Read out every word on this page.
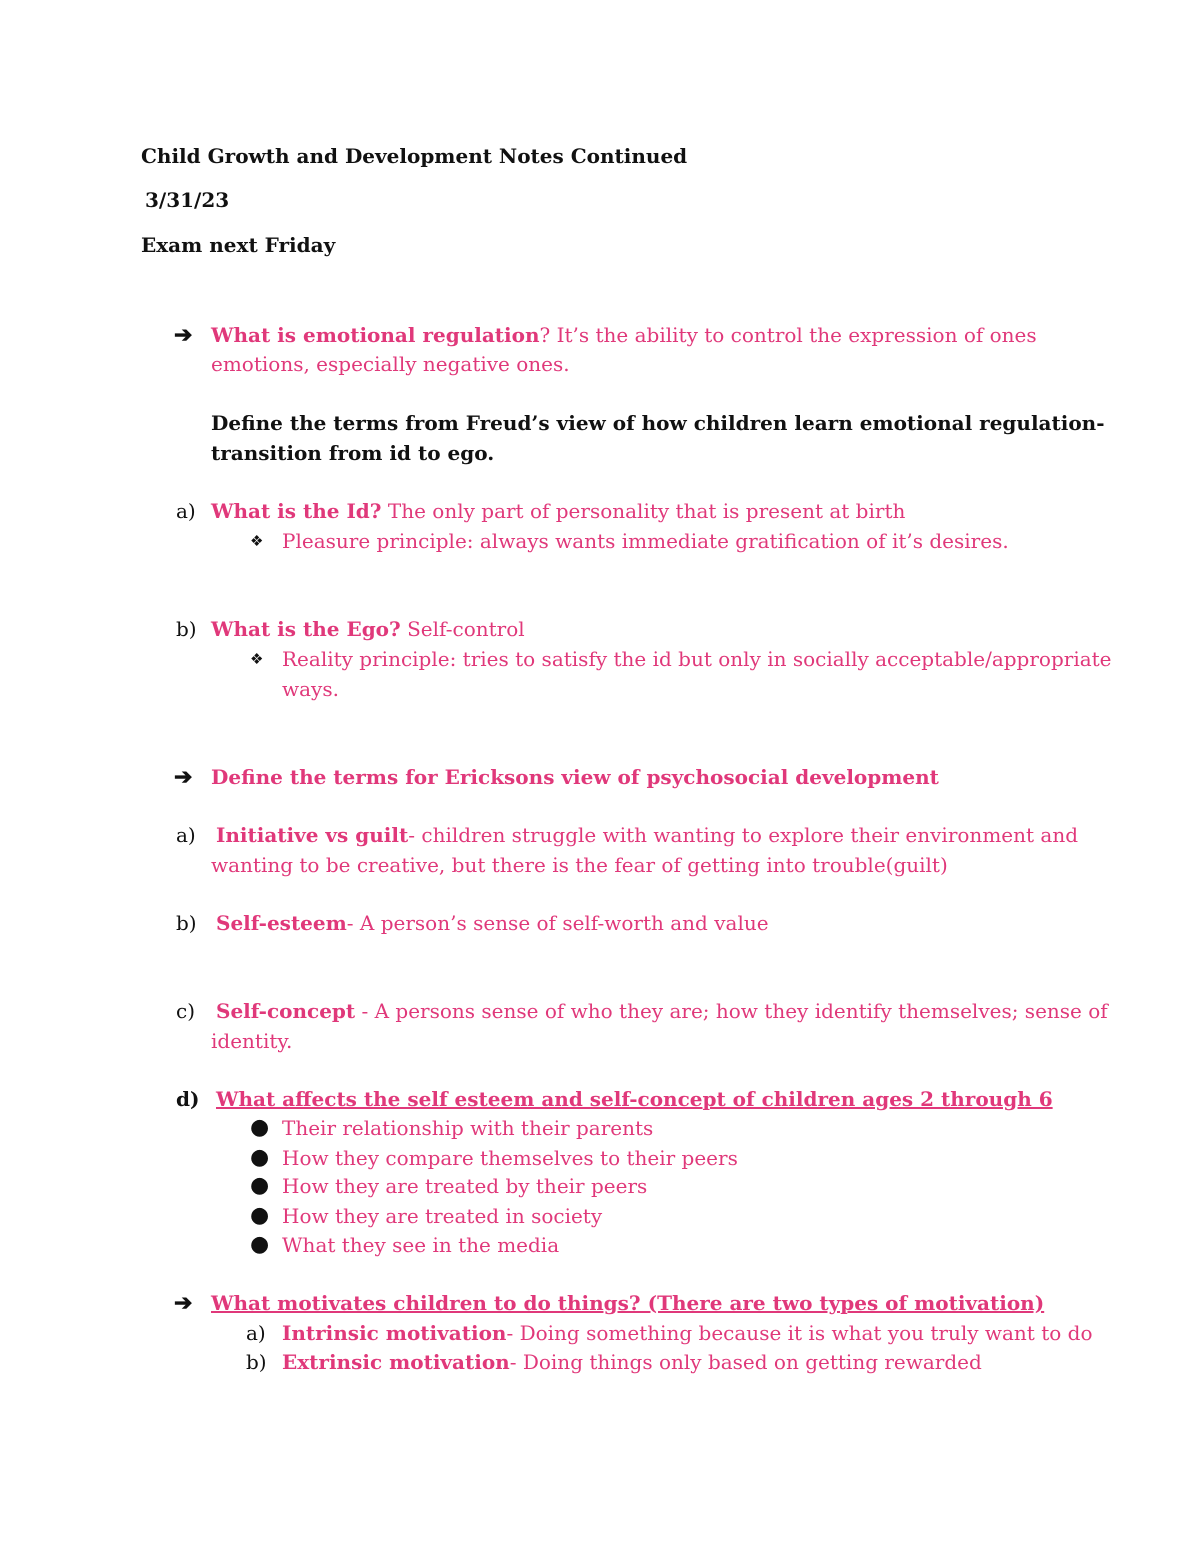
Child Growth and Development Notes Continued
3/31/23
Exam next Friday
➔ What is emotional regulation? It’s the ability to control the expression of ones
emotions, especially negative ones.
Define the terms from Freud’s view of how children learn emotional regulation-
transition from id to ego.
a) What is the Id? The only part of personality that is present at birth
❖ Pleasure principle: always wants immediate gratification of it’s desires.
b) What is the Ego? Self-control
❖ Reality principle: tries to satisfy the id but only in socially acceptable/appropriate
ways.
➔ Define the terms for Ericksons view of psychosocial development
a) Initiative vs guilt- children struggle with wanting to explore their environment and
wanting to be creative, but there is the fear of getting into trouble(guilt)
b) Self-esteem- A person’s sense of self-worth and value
c) Self-concept - A persons sense of who they are; how they identify themselves; sense of
identity.
d) What affects the self esteem and self-concept of children ages 2 through 6
● Their relationship with their parents
● How they compare themselves to their peers
● How they are treated by their peers
● How they are treated in society
● What they see in the media
➔ What motivates children to do things? (There are two types of motivation)
a) Intrinsic motivation- Doing something because it is what you truly want to do
b) Extrinsic motivation- Doing things only based on getting rewarded
